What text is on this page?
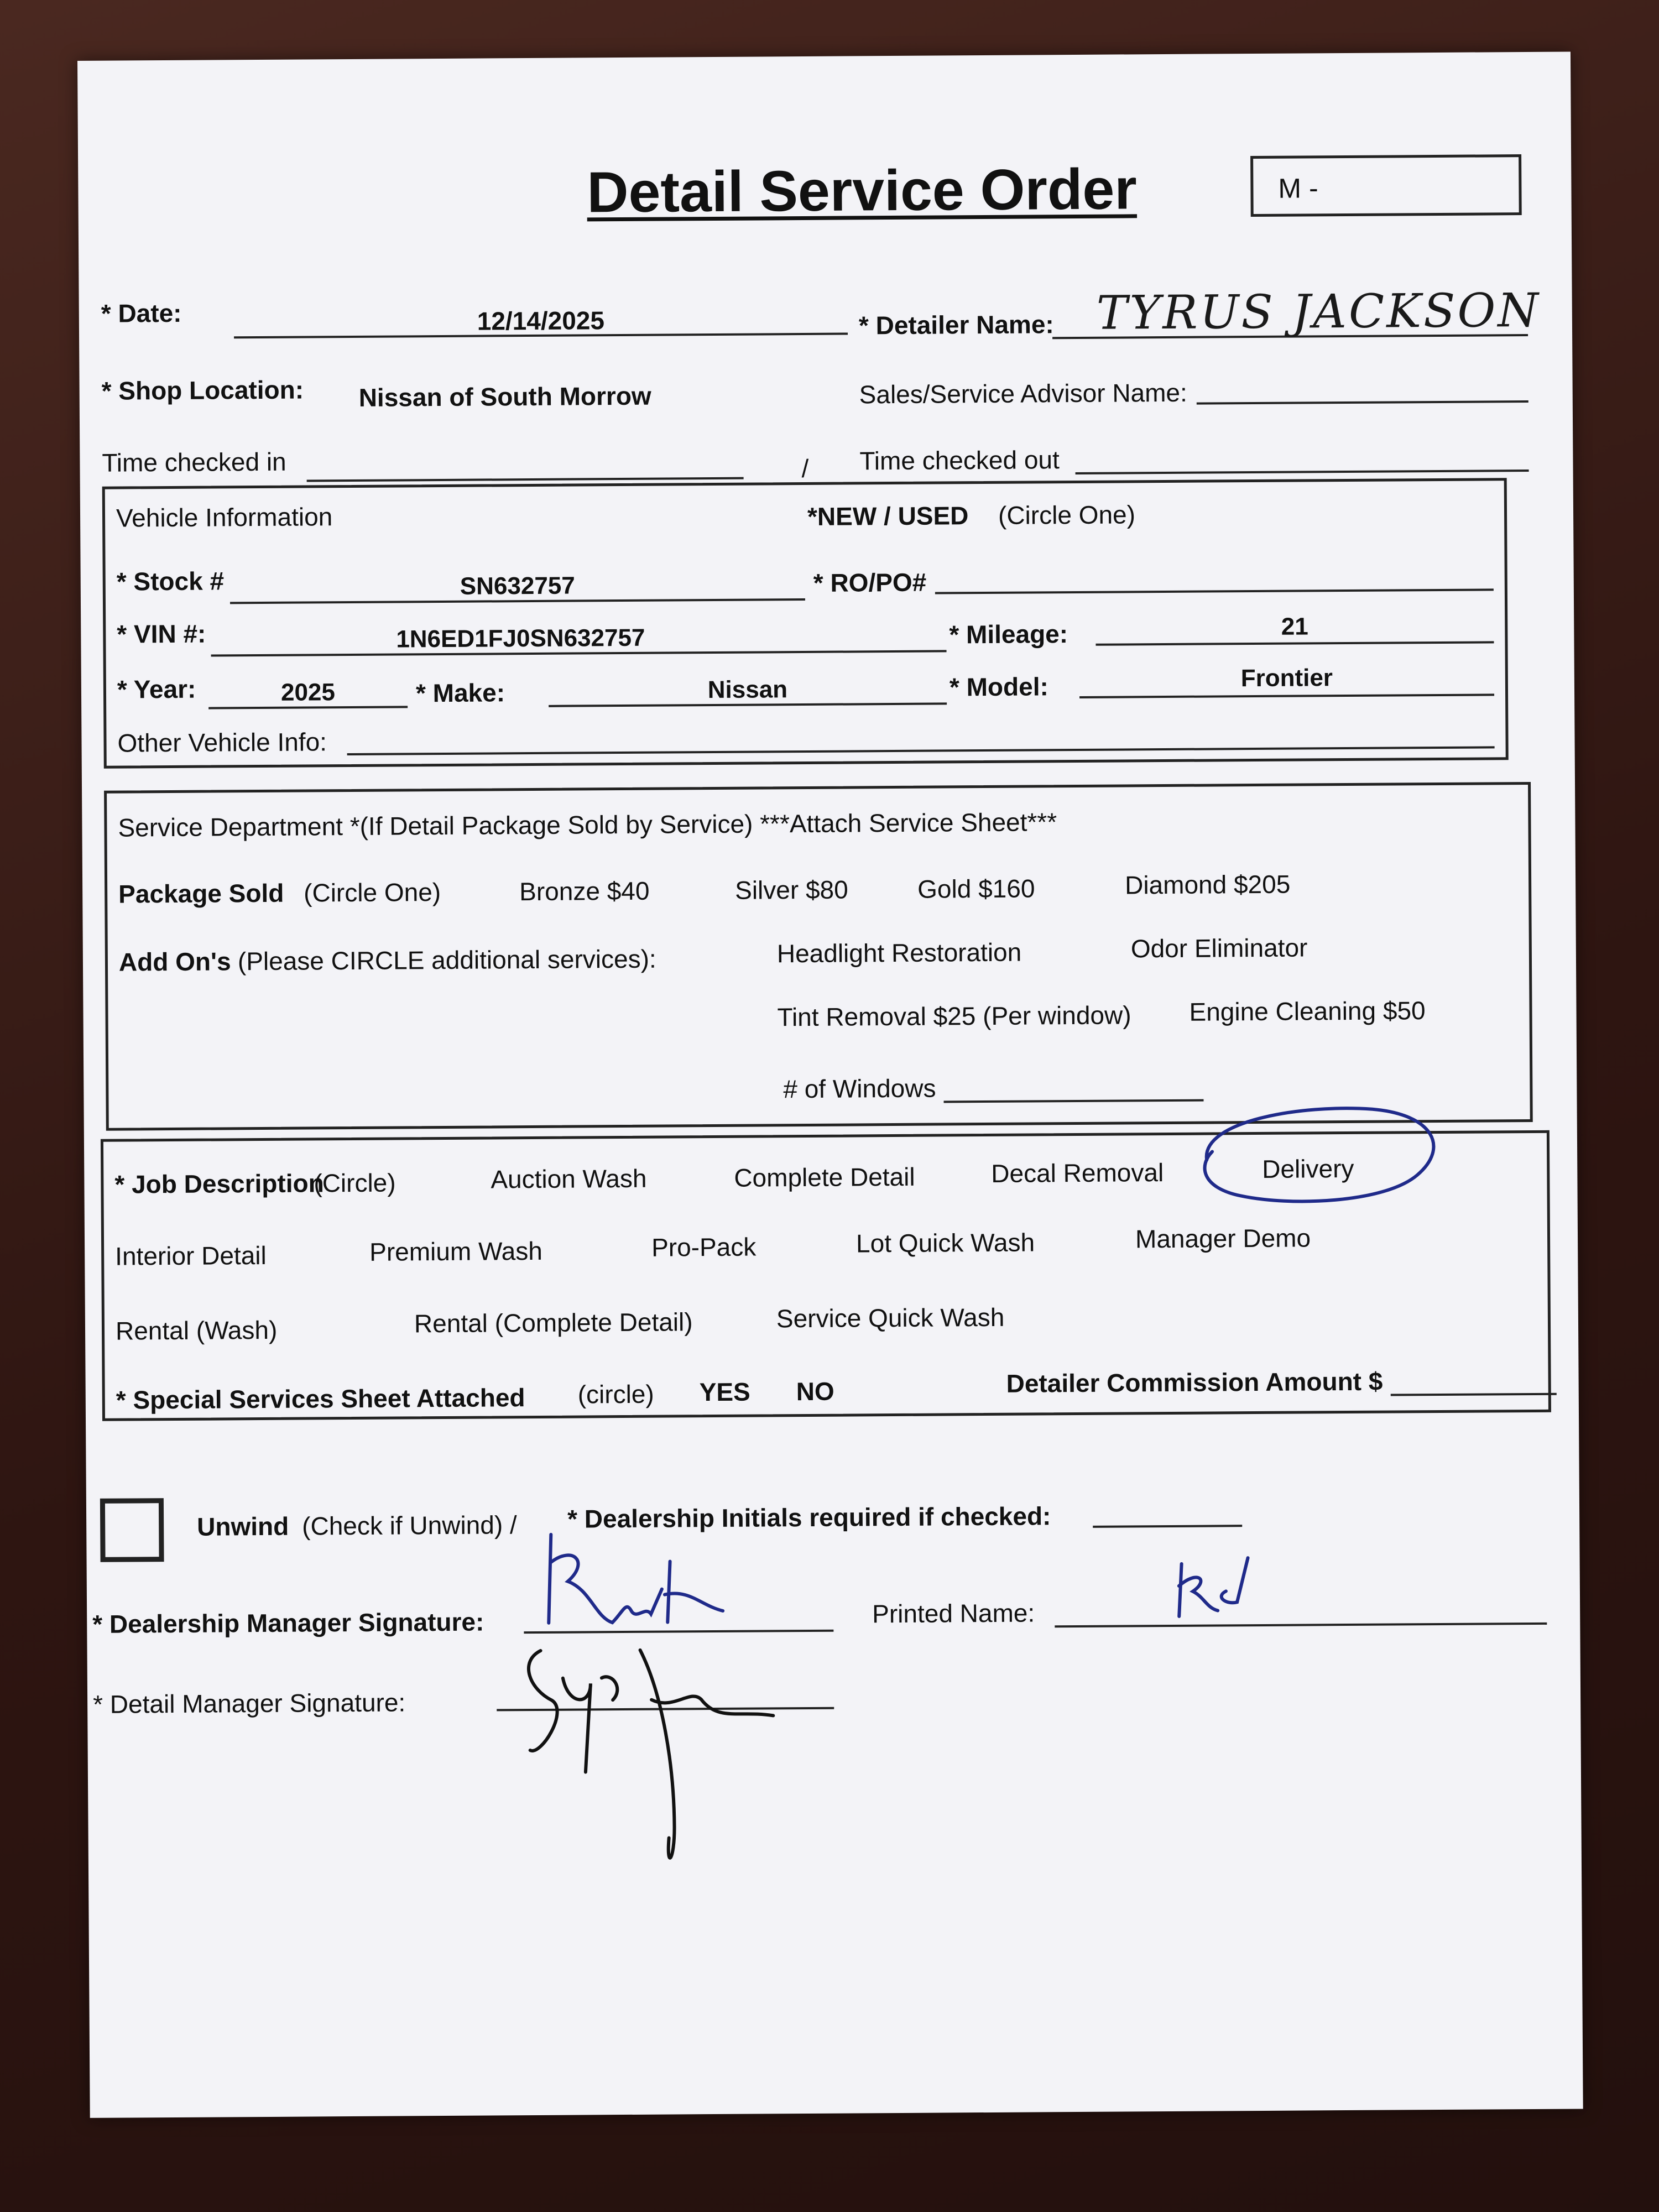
Detail Service Order	M -
* Date:	12/14/2025	* Detailer Name: TYRUS JACKSON
* Shop Location: Nissan of South Morrow	Sales/Service Advisor Name:
Time checked in	/ Time checked out
Vehicle Information	*NEW / USED (Circle One)
* Stock #	SN632757	* RO/PO#
* VIN #:	1N6ED1FJ0SN632757	* Mileage:	21
* Year:	2025	* Make:	Nissan	* Model:	Frontier
Other Vehicle Info:
Service Department *(If Detail Package Sold by Service) ***Attach Service Sheet***
Package Sold (Circle One)	Bronze $40	Silver $80	Gold $160	Diamond $205
Add On's (Please CIRCLE additional services):	Headlight Restoration	Odor Eliminator
Tint Removal $25 (Per window) Engine Cleaning $50
# of Windows
* Job Description
(Circle)	Auction Wash	Complete Detail	Decal Removal	Delivery
Interior Detail	Premium Wash	Pro-Pack	Lot Quick Wash	Manager Demo
Rental (Wash)	Rental (Complete Detail)	Service Quick Wash
* Special Services Sheet Attached (circle) YES NO	Detailer Commission Amount $
Unwind (Check if Unwind) / * Dealership Initials required if checked:
* Dealership Manager Signature:	Printed Name:
* Detail Manager Signature:
